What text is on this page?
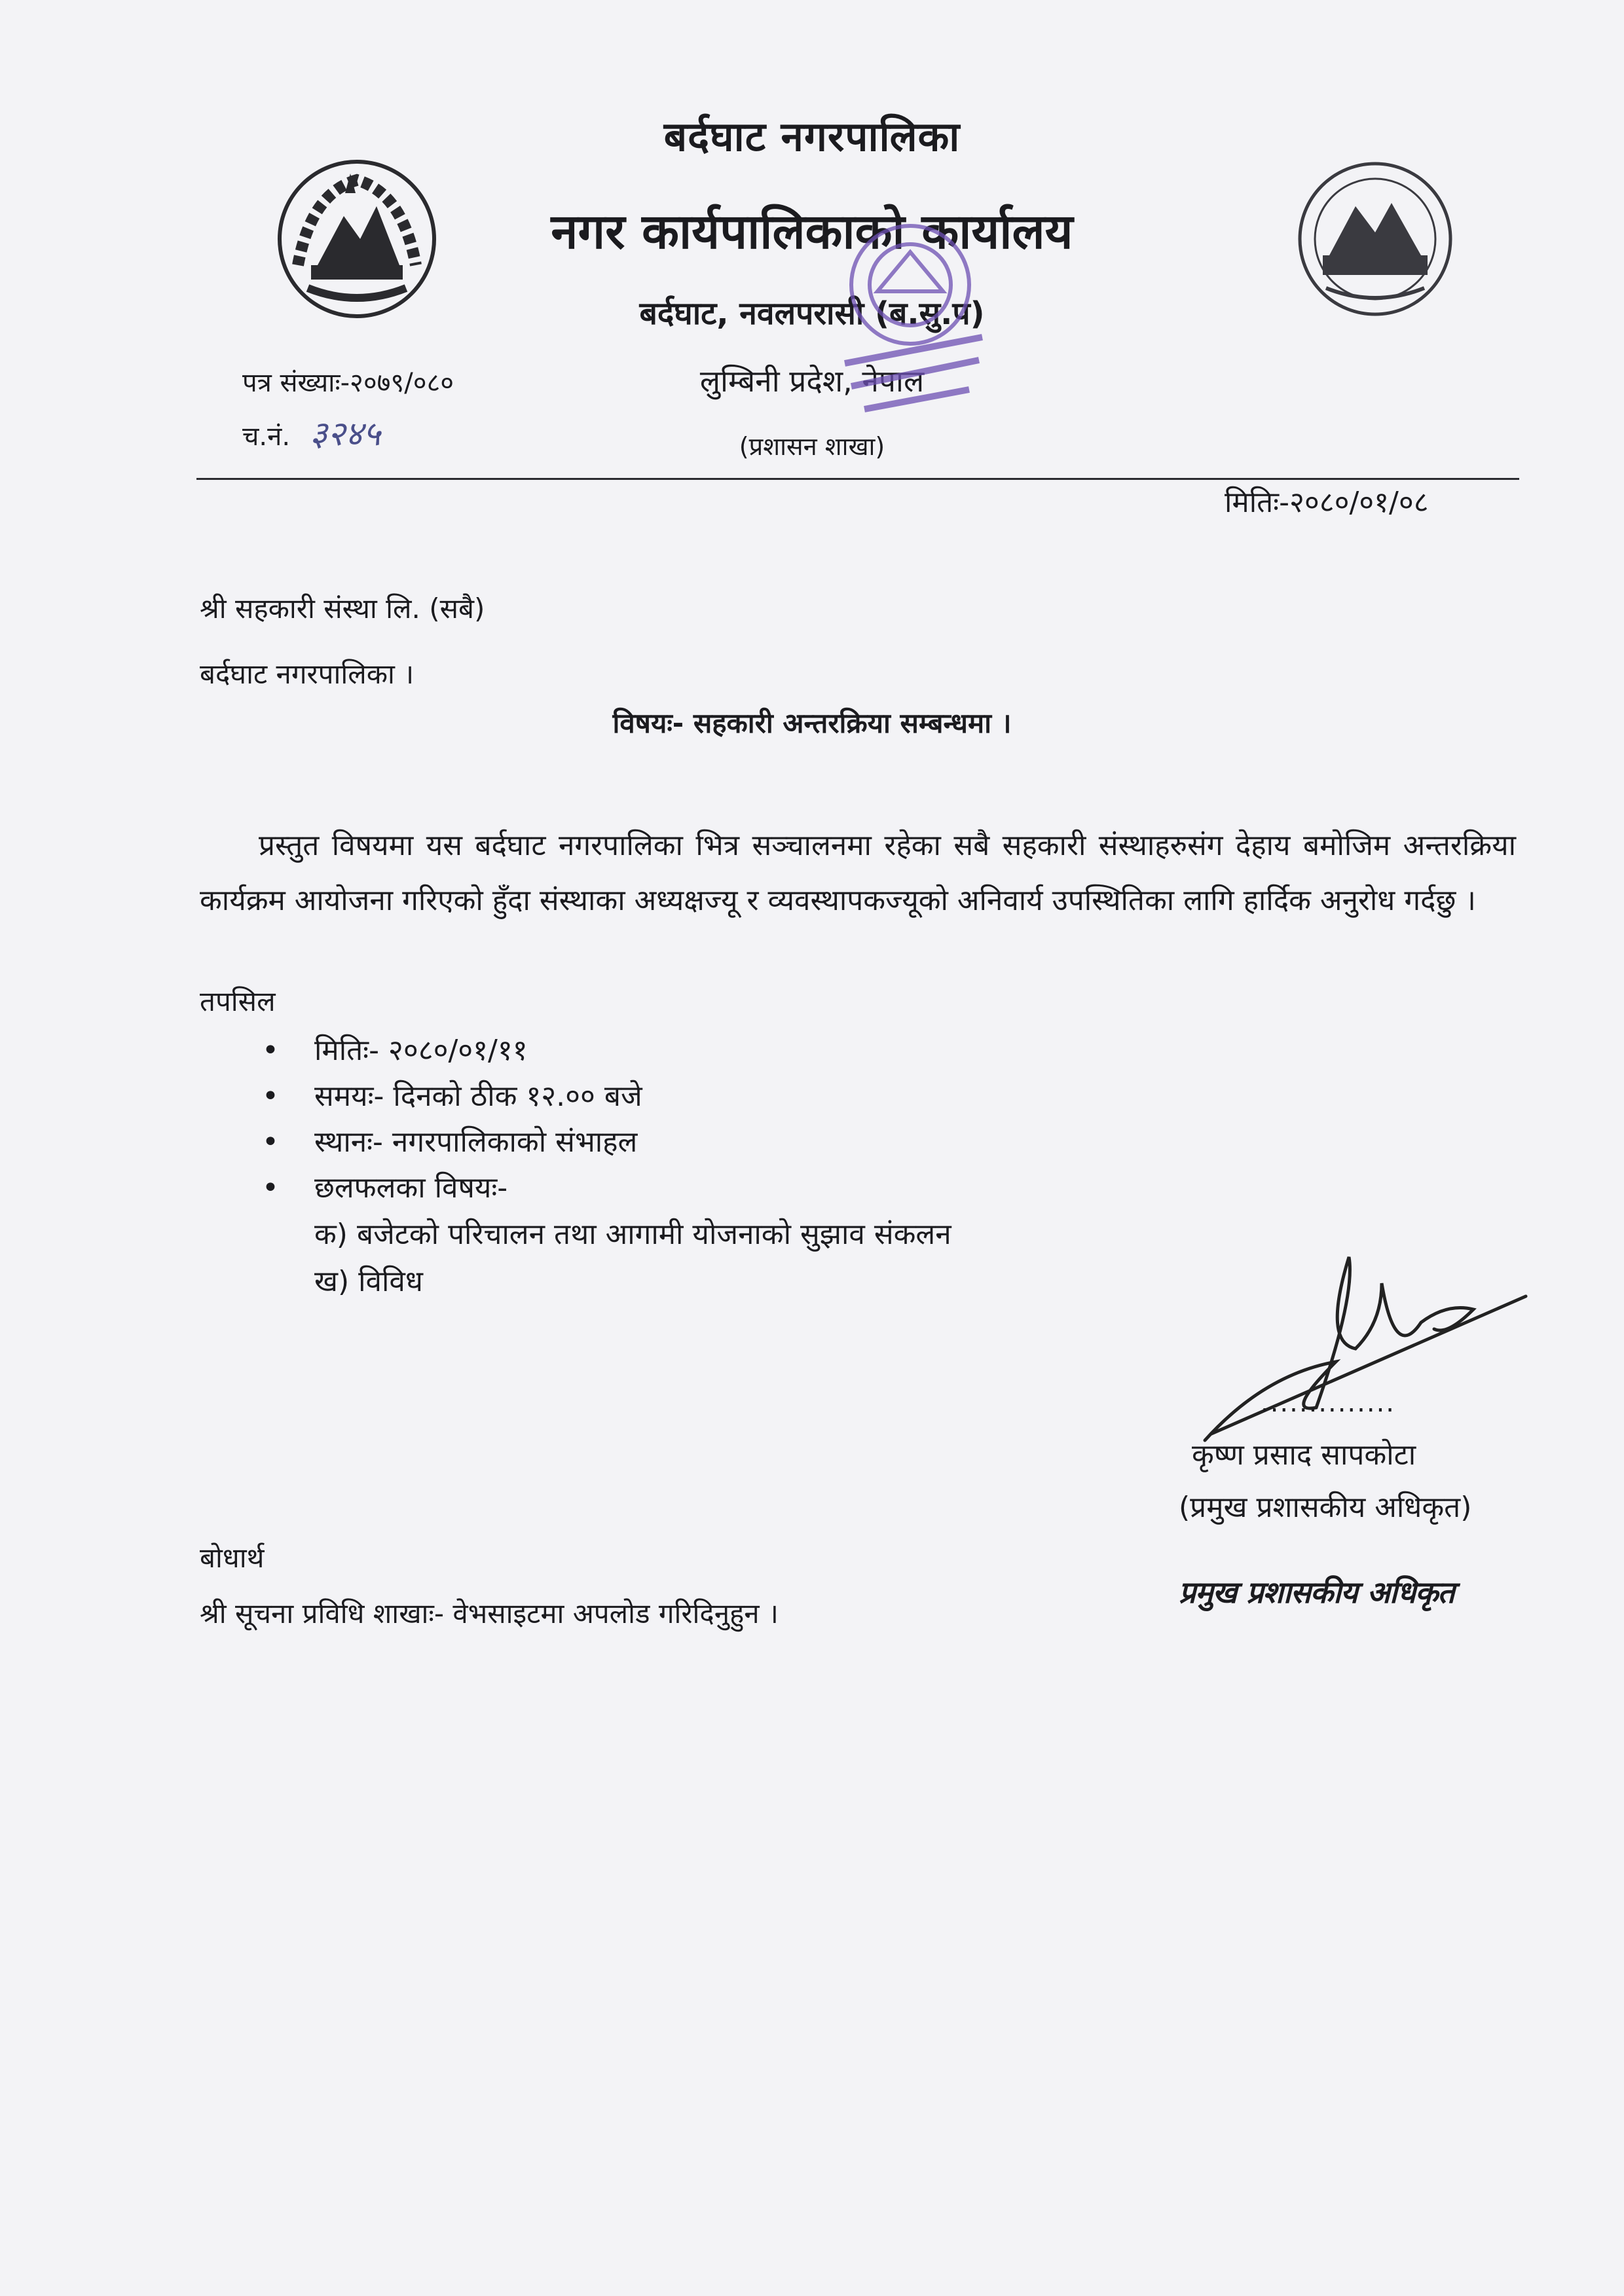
बर्दघाट नगरपालिका
नगर कार्यपालिकाको कार्यालय
बर्दघाट, नवलपरासी (ब.सु.प)
लुम्बिनी प्रदेश, नेपाल
(प्रशासन शाखा)
पत्र संख्याः-२०७९/०८०
च.नं. ३२४५
मितिः-२०८०/०१/०८
श्री सहकारी संस्था लि. (सबै)
बर्दघाट नगरपालिका ।
विषयः- सहकारी अन्तरक्रिया सम्बन्धमा ।
प्रस्तुत विषयमा यस बर्दघाट नगरपालिका भित्र सञ्चालनमा रहेका सबै सहकारी संस्थाहरुसंग देहाय बमोजिम अन्तरक्रिया कार्यक्रम आयोजना गरिएको हुँदा संस्थाका अध्यक्षज्यू र व्यवस्थापकज्यूको अनिवार्य उपस्थितिका लागि हार्दिक अनुरोध गर्दछु ।
तपसिल
• मितिः- २०८०/०१/११
• समयः- दिनको ठीक १२.०० बजे
• स्थानः- नगरपालिकाको संभाहल
• छलफलका विषयः-
क) बजेटको परिचालन तथा आगामी योजनाको सुझाव संकलन
ख) विविध
..............
कृष्ण प्रसाद सापकोटा
(प्रमुख प्रशासकीय अधिकृत)
प्रमुख प्रशासकीय अधिकृत
बोधार्थ
श्री सूचना प्रविधि शाखाः- वेभसाइटमा अपलोड गरिदिनुहुन ।
